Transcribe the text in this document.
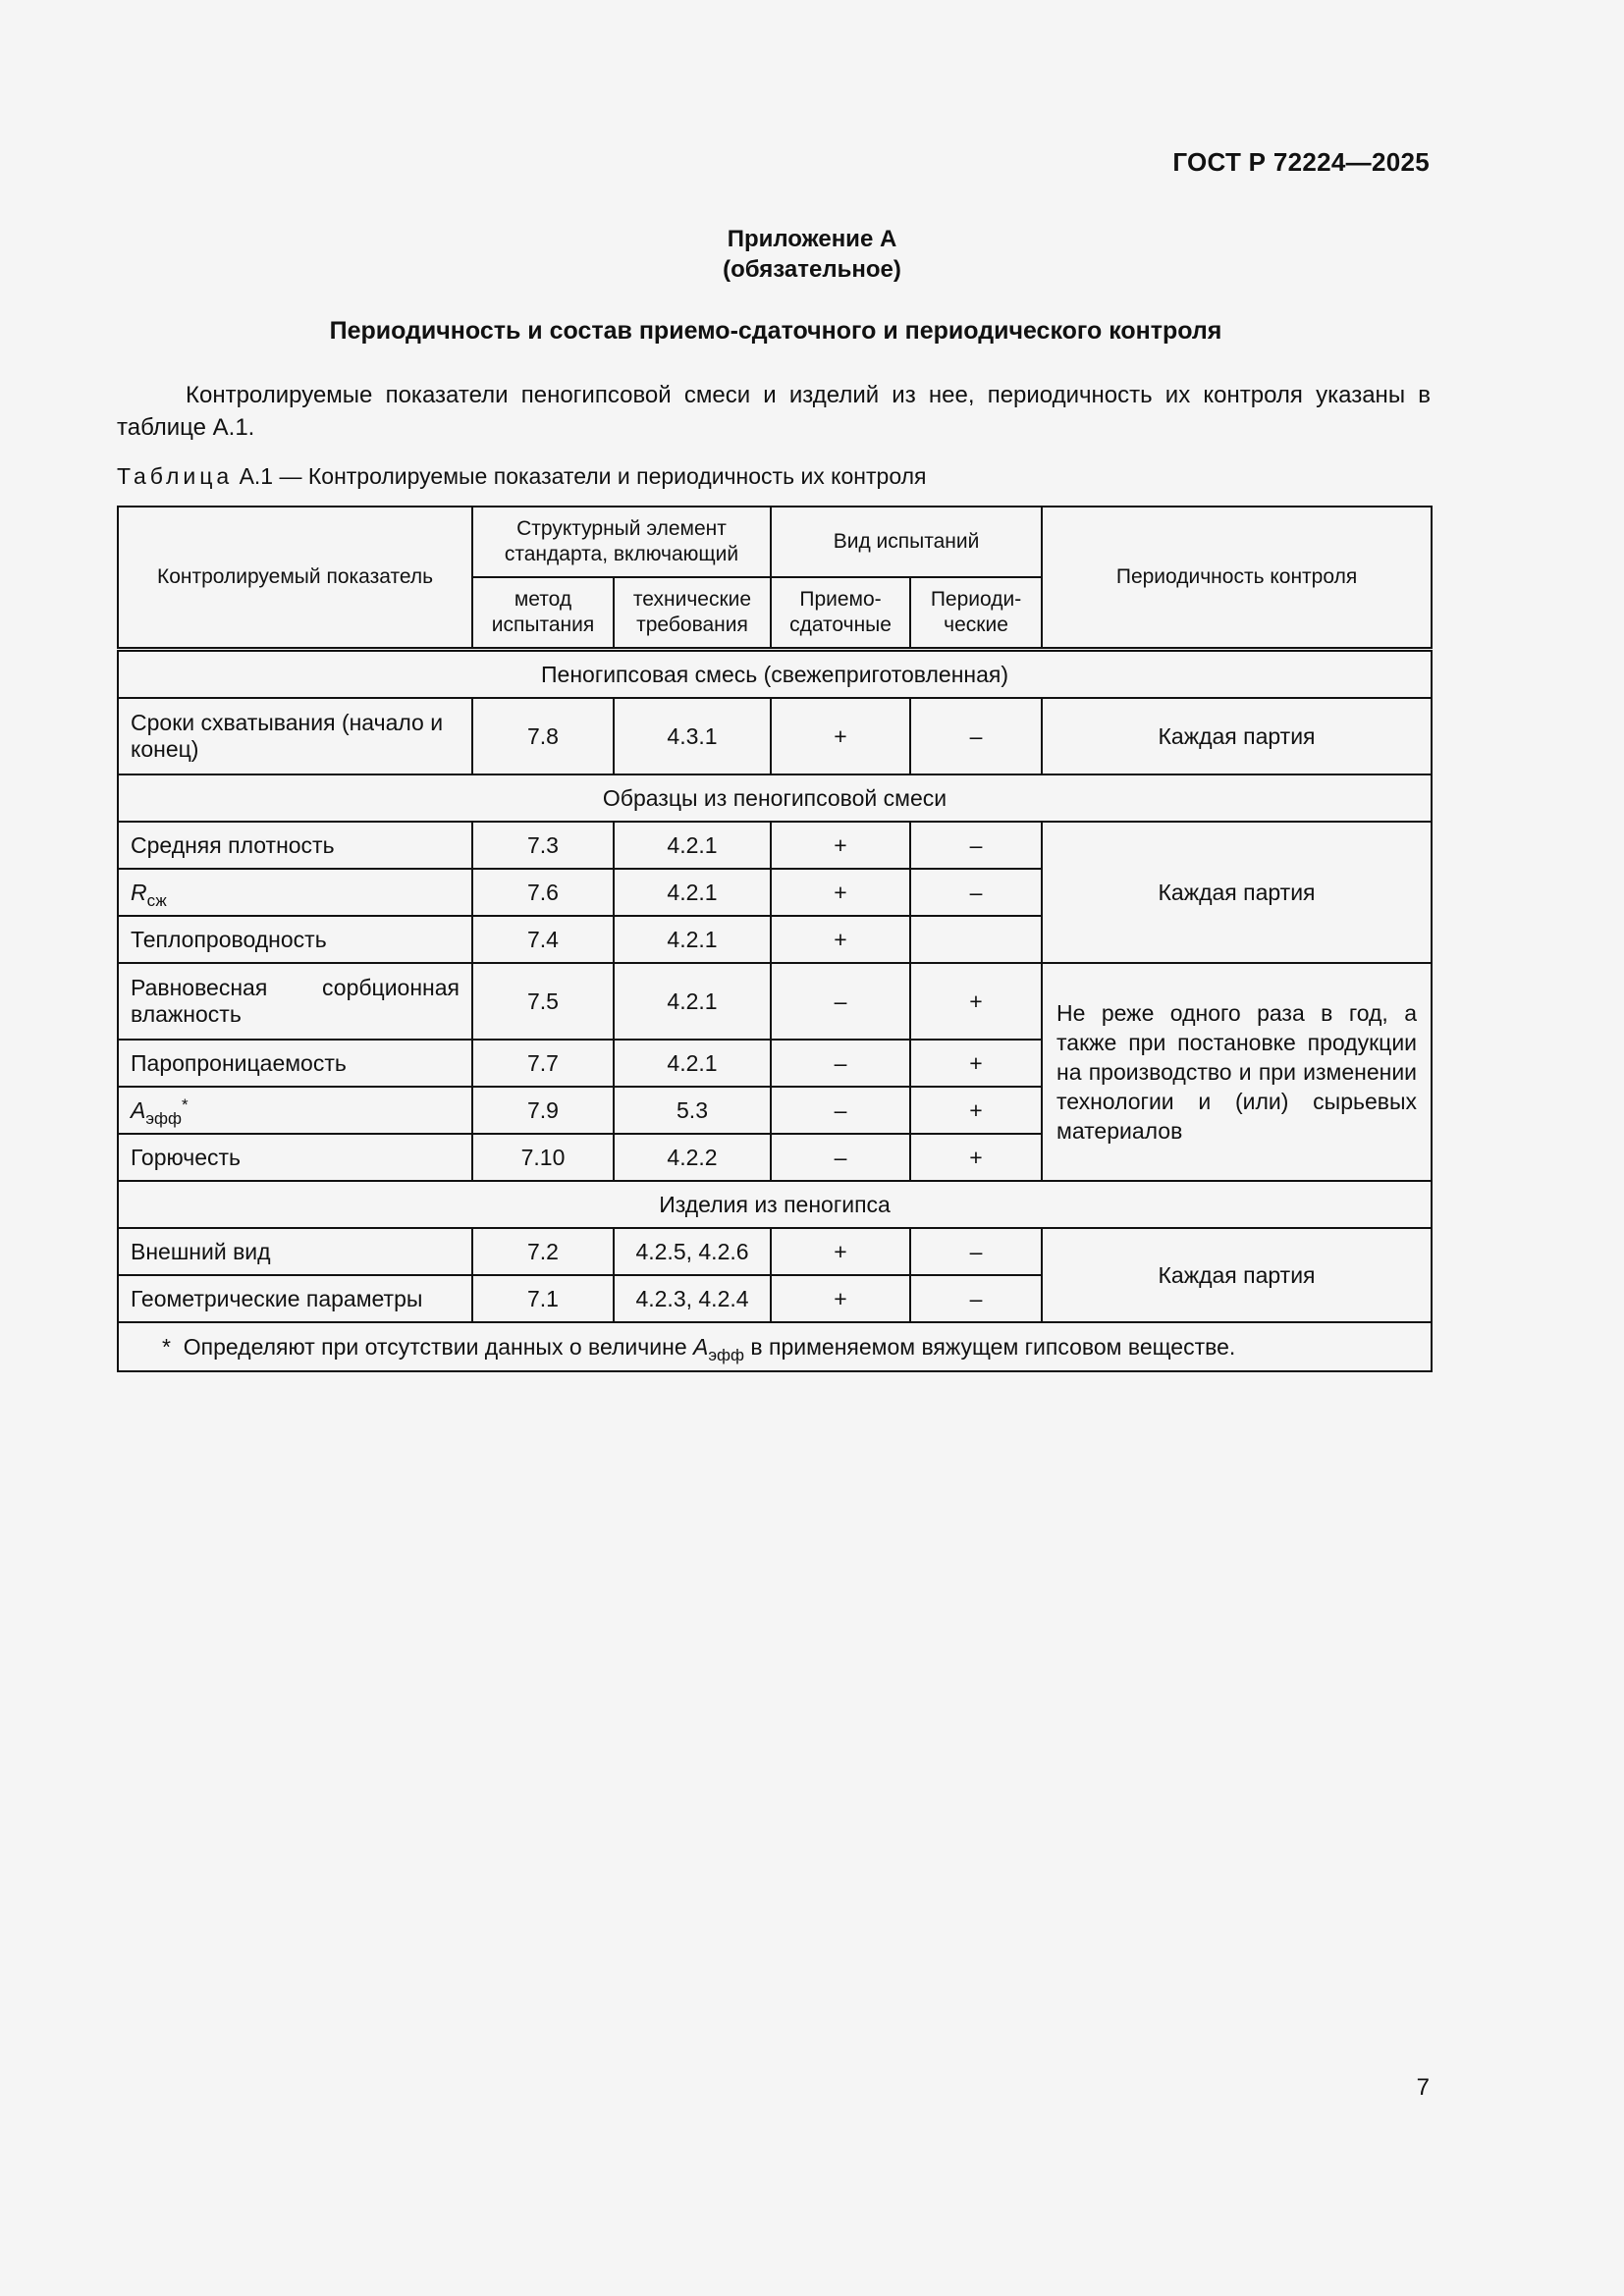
ГОСТ Р 72224—2025
Приложение А
(обязательное)
Периодичность и состав приемо-сдаточного и периодического контроля
Контролируемые показатели пеногипсовой смеси и изделий из нее, периодичность их контроля указаны в таблице А.1.
Таблица А.1 — Контролируемые показатели и периодичность их контроля
Контролируемый показатель	Структурный элемент стандарта, включающий		Вид испытаний		Периодичность контроля
	метод испытания	технические требования	Приемо-сдаточные	Периоди-ческие	
Пеногипсовая смесь (свежеприготовленная)					
Сроки схватывания (начало и конец)	7.8	4.3.1	+	–	Каждая партия
Образцы из пеногипсовой смеси					
Средняя плотность	7.3	4.2.1	+	–	Каждая партия
$R_{сж}$	7.6	4.2.1	+	–	
Теплопроводность	7.4	4.2.1	+		
Равновесная сорбционная влажность	7.5	4.2.1	–	+	Не реже одного раза в год, а также при постановке продукции на производство и при изменении технологии и (или) сырьевых материалов
Паропроницаемость	7.7	4.2.1	–	+	
$A_{эфф}^*$	7.9	5.3	–	+	
Горючесть	7.10	4.2.2	–	+	
Изделия из пеногипса					
Внешний вид	7.2	4.2.5, 4.2.6	+	–	Каждая партия
Геометрические параметры	7.1	4.2.3, 4.2.4	+	–	
* Определяют при отсутствии данных о величине $A_{эфф}$ в применяемом вяжущем гипсовом веществе.					
7
